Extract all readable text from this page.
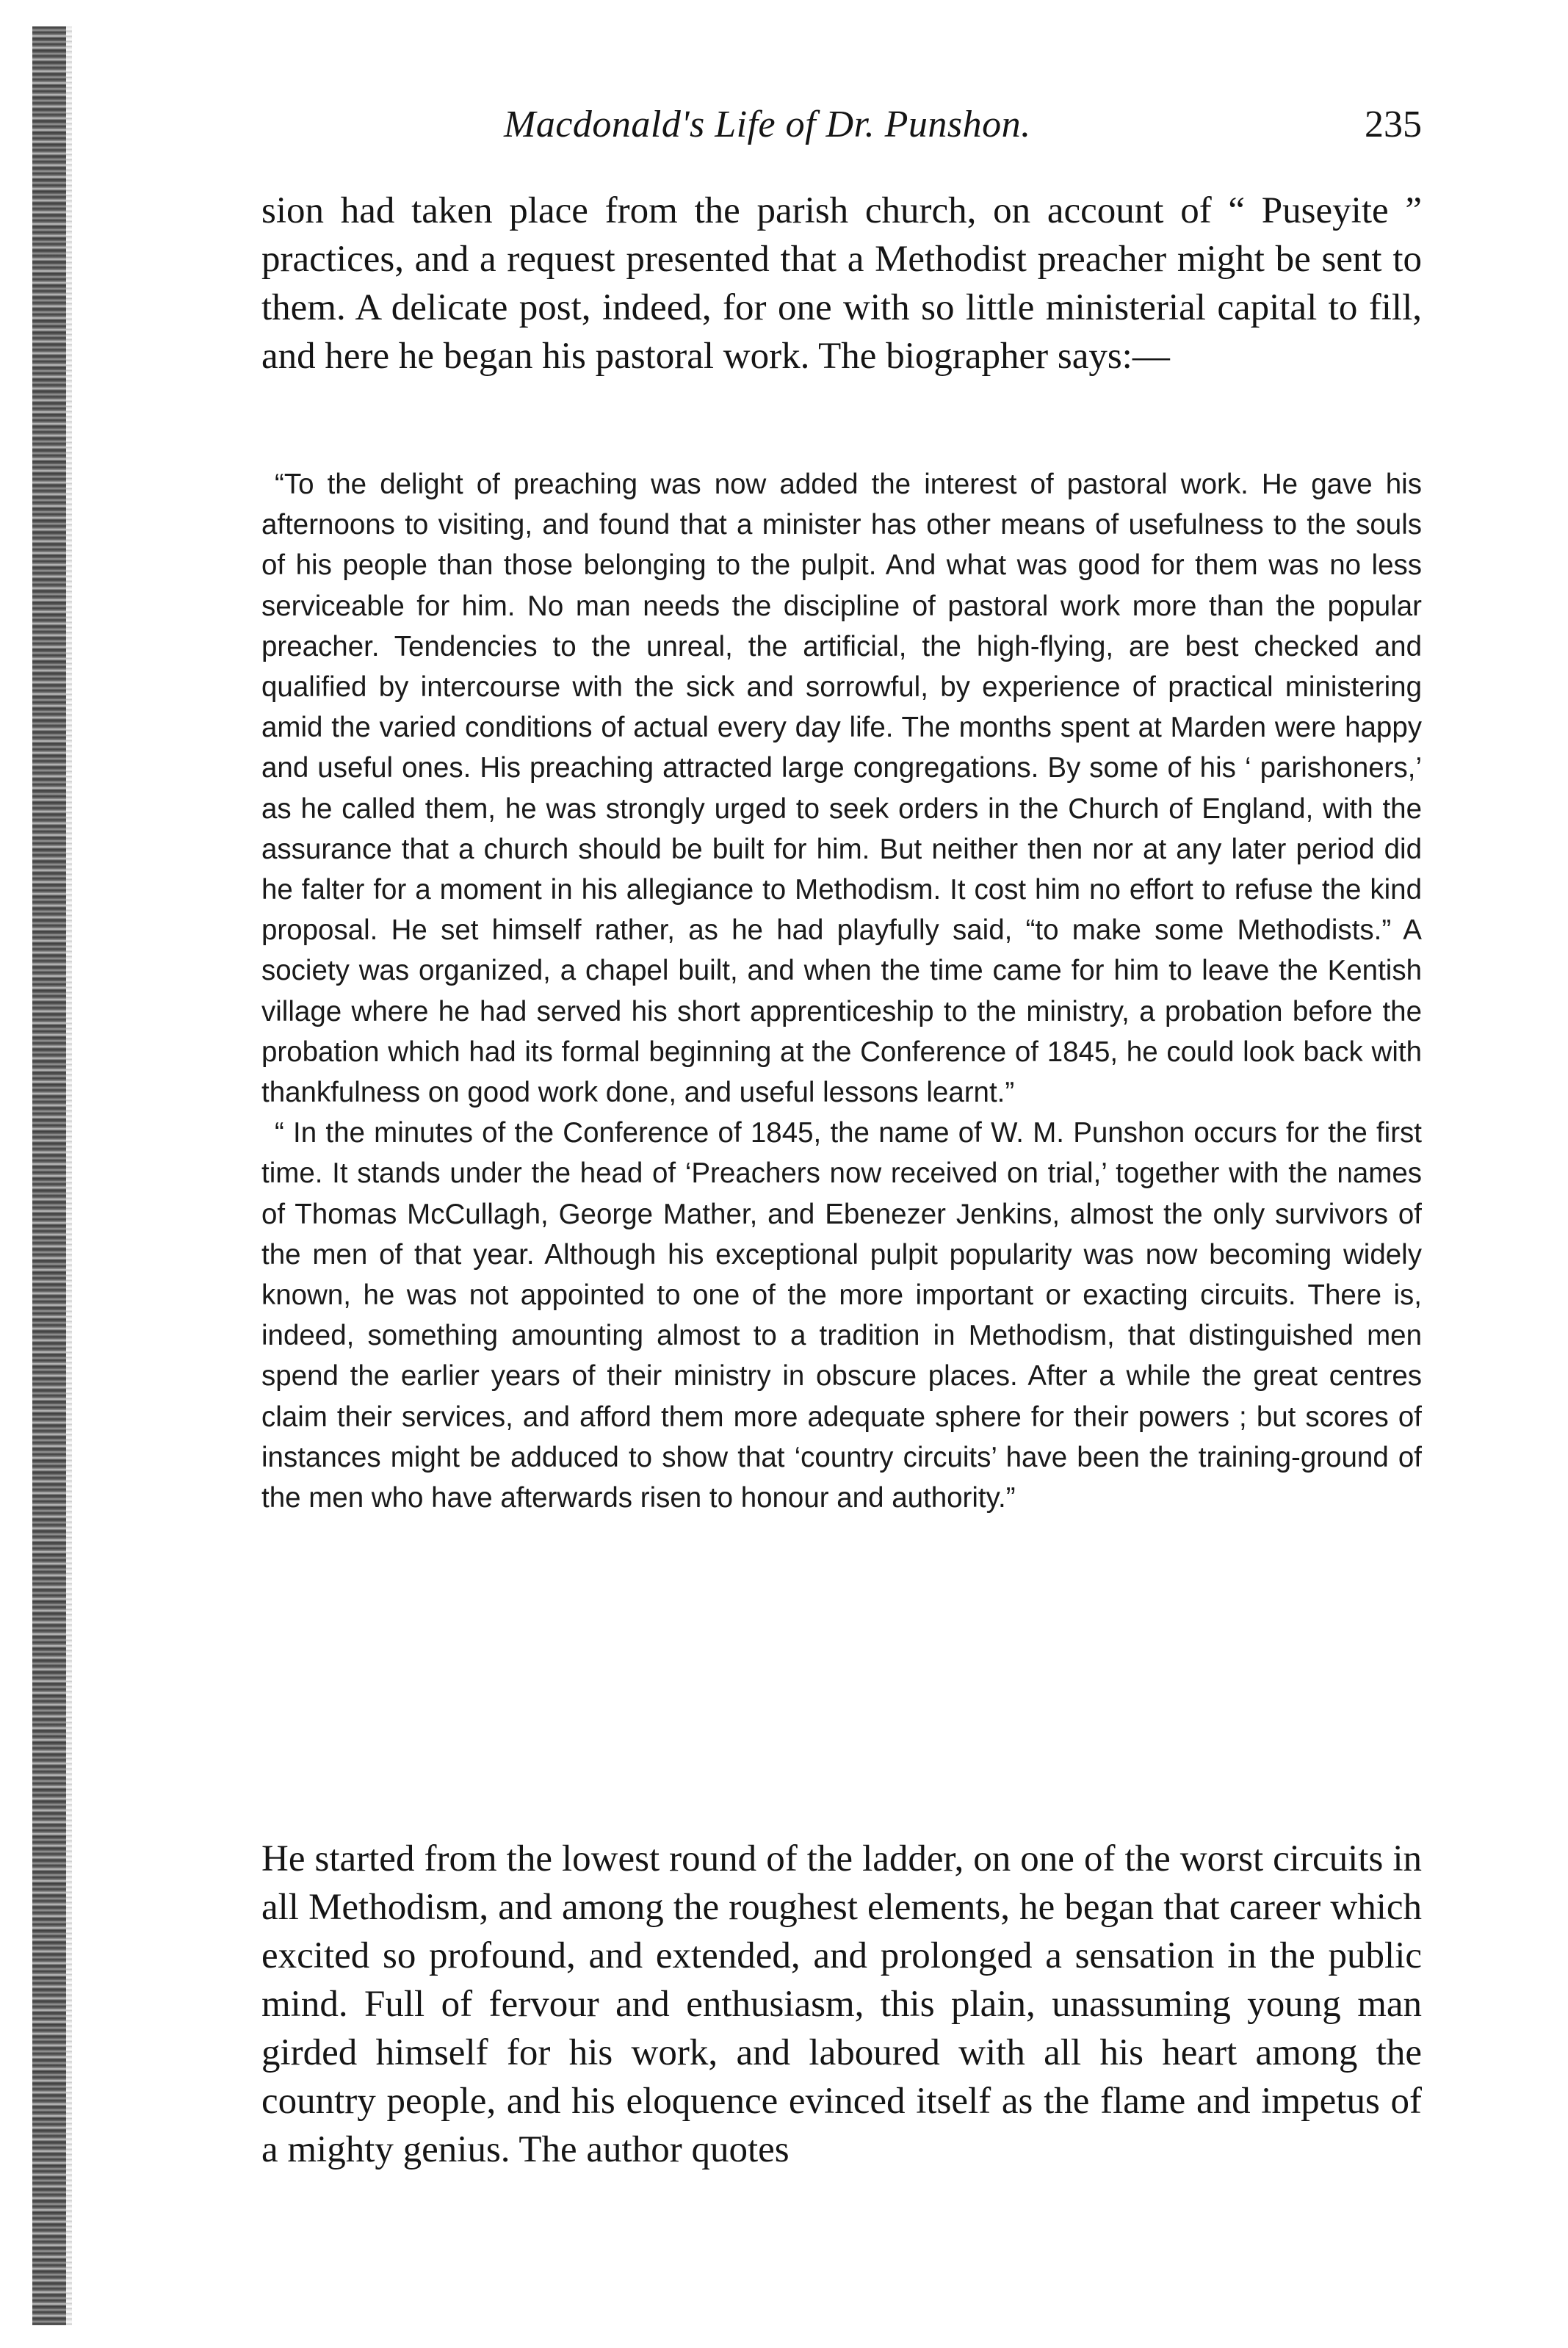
Macdonald's Life of Dr. Punshon.	235

sion had taken place from the parish church, on account of “ Puseyite ” practices, and a request presented that a Methodist preacher might be sent to them. A delicate post, indeed, for one with so little ministerial capital to fill, and here he began his pastoral work. The biographer says:—

“To the delight of preaching was now added the interest of pastoral work. He gave his afternoons to visiting, and found that a minister has other means of usefulness to the souls of his people than those belonging to the pulpit. And what was good for them was no less serviceable for him. No man needs the discipline of pastoral work more than the popular preacher. Tendencies to the unreal, the artificial, the high-flying, are best checked and qualified by intercourse with the sick and sorrowful, by experience of practical ministering amid the varied conditions of actual every day life. The months spent at Marden were happy and useful ones. His preaching attracted large congregations. By some of his ‘ parishoners,’ as he called them, he was strongly urged to seek orders in the Church of England, with the assurance that a church should be built for him. But neither then nor at any later period did he falter for a moment in his allegiance to Methodism. It cost him no effort to refuse the kind proposal. He set himself rather, as he had playfully said, “to make some Methodists.” A society was organized, a chapel built, and when the time came for him to leave the Kentish village where he had served his short apprenticeship to the ministry, a probation before the probation which had its formal beginning at the Conference of 1845, he could look back with thankfulness on good work done, and useful lessons learnt.”

“ In the minutes of the Conference of 1845, the name of W. M. Punshon occurs for the first time. It stands under the head of ‘Preachers now received on trial,’ together with the names of Thomas McCullagh, George Mather, and Ebenezer Jenkins, almost the only survivors of the men of that year. Although his exceptional pulpit popularity was now becoming widely known, he was not appointed to one of the more important or exacting circuits. There is, indeed, something amounting almost to a tradition in Methodism, that distinguished men spend the earlier years of their ministry in obscure places. After a while the great centres claim their services, and afford them more adequate sphere for their powers ; but scores of instances might be adduced to show that ‘country circuits’ have been the training-ground of the men who have afterwards risen to honour and authority.”

He started from the lowest round of the ladder, on one of the worst circuits in all Methodism, and among the roughest elements, he began that career which excited so profound, and extended, and prolonged a sensation in the public mind. Full of fervour and enthusiasm, this plain, unassuming young man girded himself for his work, and laboured with all his heart among the country people, and his eloquence evinced itself as the flame and impetus of a mighty genius. The author quotes
